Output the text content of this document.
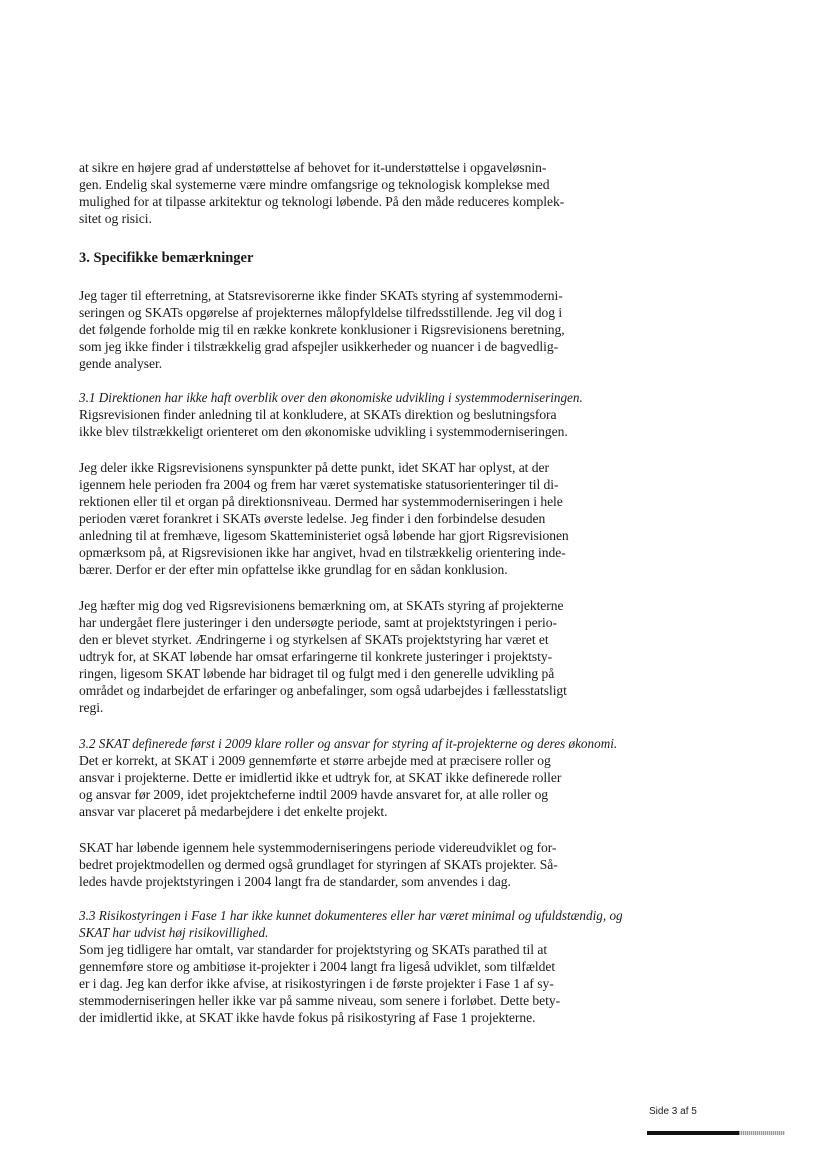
at sikre en højere grad af understøttelse af behovet for it-understøttelse i opgaveløsnin-

gen. Endelig skal systemerne være mindre omfangsrige og teknologisk komplekse med

mulighed for at tilpasse arkitektur og teknologi løbende. På den måde reduceres komplek-

sitet og risici.

3. Specifikke bemærkninger

Jeg tager til efterretning, at Statsrevisorerne ikke finder SKATs styring af systemmoderni-

seringen og SKATs opgørelse af projekternes målopfyldelse tilfredsstillende. Jeg vil dog i

det følgende forholde mig til en række konkrete konklusioner i Rigsrevisionens beretning,

som jeg ikke finder i tilstrækkelig grad afspejler usikkerheder og nuancer i de bagvedlig-

gende analyser.

3.1 Direktionen har ikke haft overblik over den økonomiske udvikling i systemmoderniseringen.

Rigsrevisionen finder anledning til at konkludere, at SKATs direktion og beslutningsfora

ikke blev tilstrækkeligt orienteret om den økonomiske udvikling i systemmoderniseringen.

Jeg deler ikke Rigsrevisionens synspunkter på dette punkt, idet SKAT har oplyst, at der

igennem hele perioden fra 2004 og frem har været systematiske statusorienteringer til di-

rektionen eller til et organ på direktionsniveau. Dermed har systemmoderniseringen i hele

perioden været forankret i SKATs øverste ledelse. Jeg finder i den forbindelse desuden

anledning til at fremhæve, ligesom Skatteministeriet også løbende har gjort Rigsrevisionen

opmærksom på, at Rigsrevisionen ikke har angivet, hvad en tilstrækkelig orientering inde-

bærer. Derfor er der efter min opfattelse ikke grundlag for en sådan konklusion.

Jeg hæfter mig dog ved Rigsrevisionens bemærkning om, at SKATs styring af projekterne

har undergået flere justeringer i den undersøgte periode, samt at projektstyringen i perio-

den er blevet styrket. Ændringerne i og styrkelsen af SKATs projektstyring har været et

udtryk for, at SKAT løbende har omsat erfaringerne til konkrete justeringer i projektsty-

ringen, ligesom SKAT løbende har bidraget til og fulgt med i den generelle udvikling på

området og indarbejdet de erfaringer og anbefalinger, som også udarbejdes i fællesstatsligt

regi.

3.2 SKAT definerede først i 2009 klare roller og ansvar for styring af it-projekterne og deres økonomi.

Det er korrekt, at SKAT i 2009 gennemførte et større arbejde med at præcisere roller og

ansvar i projekterne. Dette er imidlertid ikke et udtryk for, at SKAT ikke definerede roller

og ansvar før 2009, idet projektcheferne indtil 2009 havde ansvaret for, at alle roller og

ansvar var placeret på medarbejdere i det enkelte projekt.

SKAT har løbende igennem hele systemmoderniseringens periode videreudviklet og for-

bedret projektmodellen og dermed også grundlaget for styringen af SKATs projekter. Så-

ledes havde projektstyringen i 2004 langt fra de standarder, som anvendes i dag.

3.3 Risikostyringen i Fase 1 har ikke kunnet dokumenteres eller har været minimal og ufuldstændig, og

SKAT har udvist høj risikovillighed.

Som jeg tidligere har omtalt, var standarder for projektstyring og SKATs parathed til at

gennemføre store og ambitiøse it-projekter i 2004 langt fra ligeså udviklet, som tilfældet

er i dag. Jeg kan derfor ikke afvise, at risikostyringen i de første projekter i Fase 1 af sy-

stemmoderniseringen heller ikke var på samme niveau, som senere i forløbet. Dette bety-

der imidlertid ikke, at SKAT ikke havde fokus på risikostyring af Fase 1 projekterne.

Side 3 af 5
